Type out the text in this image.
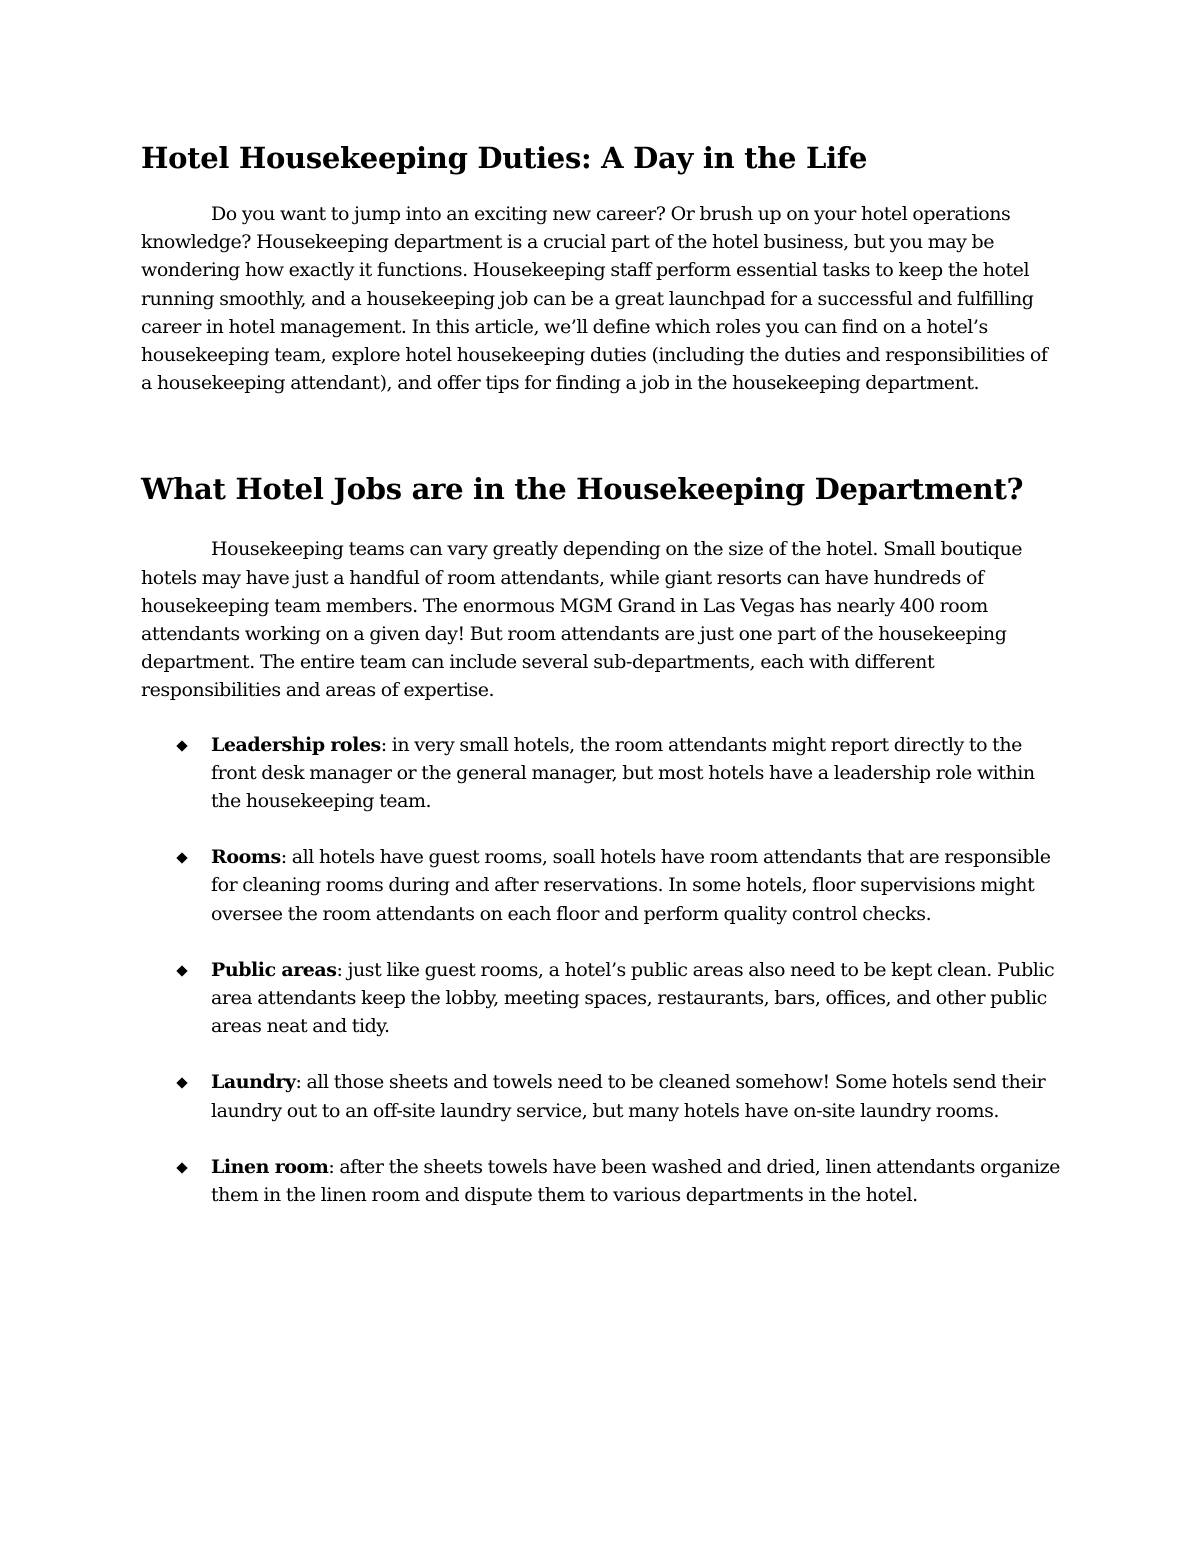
Hotel Housekeeping Duties: A Day in the Life

Do you want to jump into an exciting new career? Or brush up on your hotel operations knowledge? Housekeeping department is a crucial part of the hotel business, but you may be wondering how exactly it functions. Housekeeping staff perform essential tasks to keep the hotel running smoothly, and a housekeeping job can be a great launchpad for a successful and fulfilling career in hotel management. In this article, we’ll define which roles you can find on a hotel’s housekeeping team, explore hotel housekeeping duties (including the duties and responsibilities of a housekeeping attendant), and offer tips for finding a job in the housekeeping department.

What Hotel Jobs are in the Housekeeping Department?

Housekeeping teams can vary greatly depending on the size of the hotel. Small boutique hotels may have just a handful of room attendants, while giant resorts can have hundreds of housekeeping team members. The enormous MGM Grand in Las Vegas has nearly 400 room attendants working on a given day! But room attendants are just one part of the housekeeping department. The entire team can include several sub-departments, each with different responsibilities and areas of expertise.

Leadership roles: in very small hotels, the room attendants might report directly to the front desk manager or the general manager, but most hotels have a leadership role within the housekeeping team.
Rooms: all hotels have guest rooms, soall hotels have room attendants that are responsible for cleaning rooms during and after reservations. In some hotels, floor supervisions might oversee the room attendants on each floor and perform quality control checks.
Public areas: just like guest rooms, a hotel’s public areas also need to be kept clean. Public area attendants keep the lobby, meeting spaces, restaurants, bars, offices, and other public areas neat and tidy.
Laundry: all those sheets and towels need to be cleaned somehow! Some hotels send their laundry out to an off-site laundry service, but many hotels have on-site laundry rooms.
Linen room: after the sheets towels have been washed and dried, linen attendants organize them in the linen room and dispute them to various departments in the hotel.
